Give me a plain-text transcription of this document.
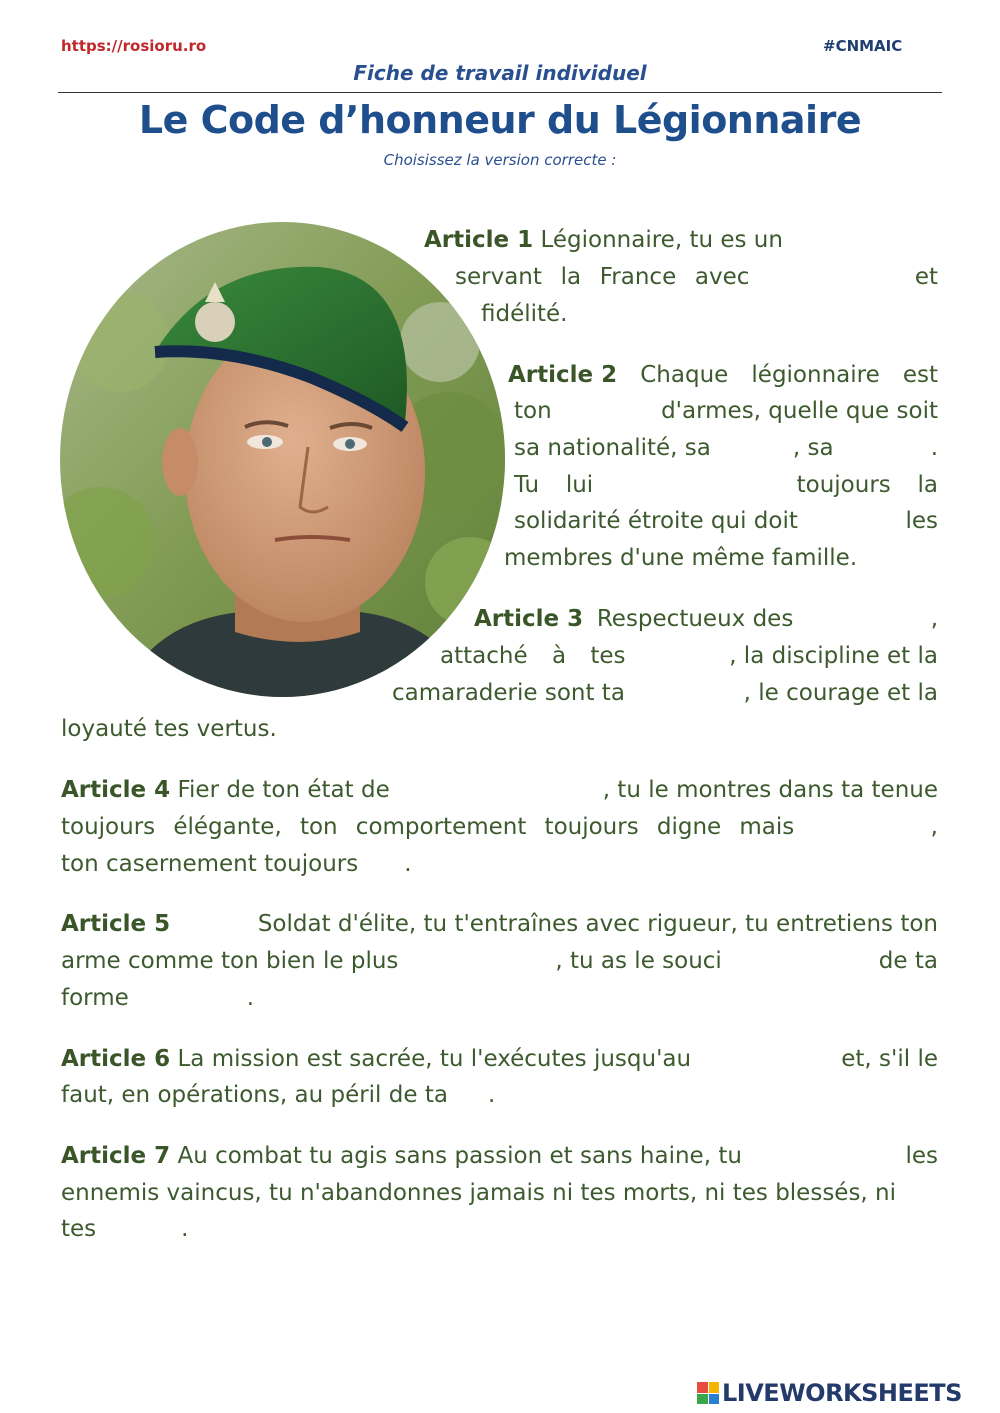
https://rosioru.ro	#CNMAIC
Fiche de travail individuel
Le Code d’honneur du Légionnaire
Choisissez la version correcte :
Article 1 Légionnaire, tu es un
servant la France avec	et
fidélité.
Article 2 Chaque légionnaire est
ton	d'armes, quelle que soit
sa nationalité, sa	, sa	.
Tu lui	toujours la
solidarité étroite qui doit	les
membres d'une même famille.
Article 3 Respectueux des	,
attaché à tes	, la discipline et la
camaraderie sont ta	, le courage et la
loyauté tes vertus.
Article 4 Fier de ton état de	, tu le montres dans ta tenue
toujours élégante, ton comportement toujours digne mais	,
ton casernement toujours .
Article 5	Soldat d'élite, tu t'entraînes avec rigueur, tu entretiens ton
arme comme ton bien le plus	, tu as le souci	de ta
forme	.
Article 6 La mission est sacrée, tu l'exécutes jusqu'au	et, s'il le
faut, en opérations, au péril de ta .
Article 7 Au combat tu agis sans passion et sans haine, tu	les
ennemis vaincus, tu n'abandonnes jamais ni tes morts, ni tes blessés, ni
tes	.
LIVEWORKSHEETS
